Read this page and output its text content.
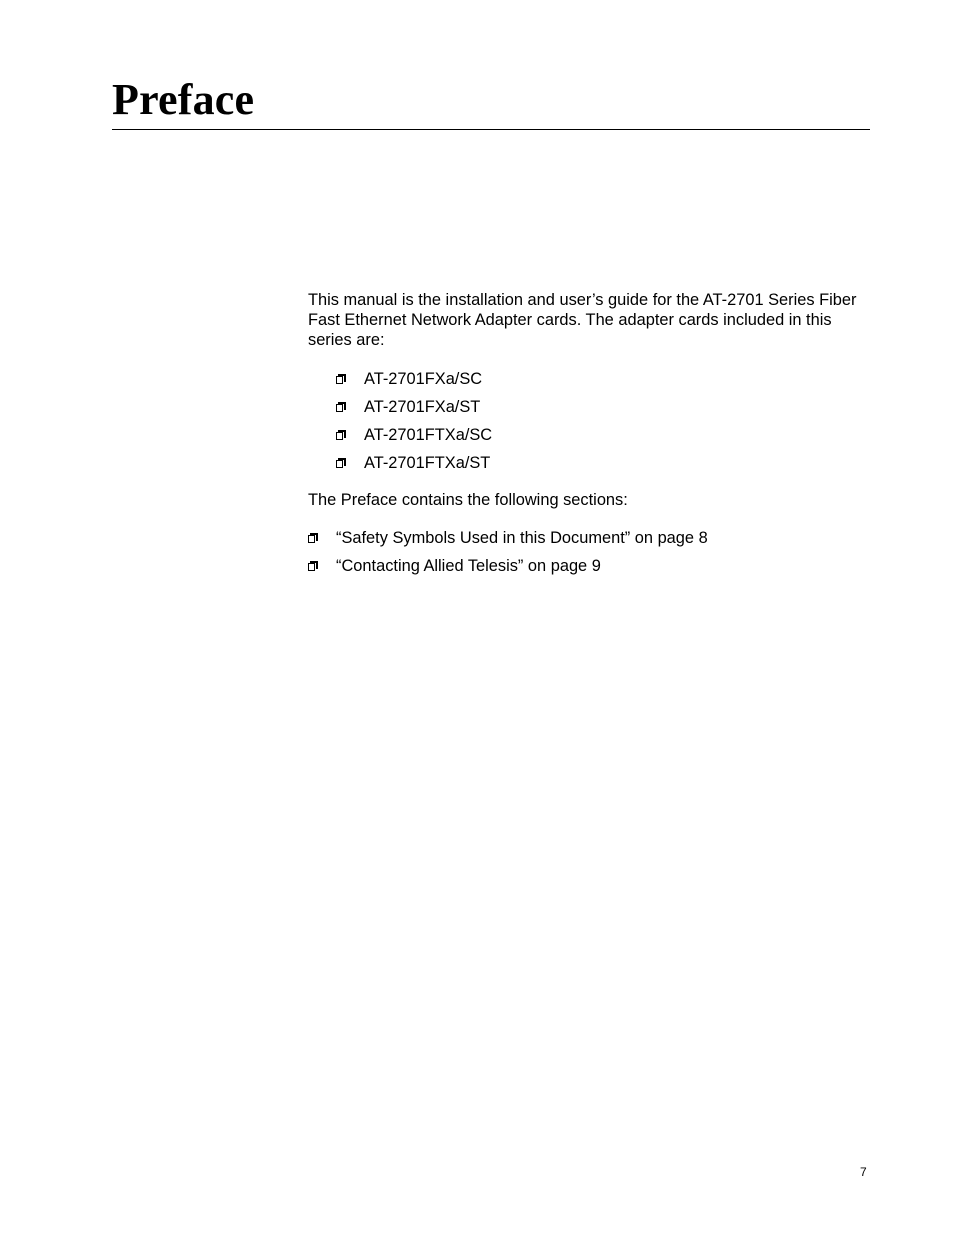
Preface

This manual is the installation and user’s guide for the AT-2701 Series Fiber Fast Ethernet Network Adapter cards. The adapter cards included in this series are:

AT-2701FXa/SC
AT-2701FXa/ST
AT-2701FTXa/SC
AT-2701FTXa/ST

The Preface contains the following sections:

“Safety Symbols Used in this Document” on page 8
“Contacting Allied Telesis” on page 9
7
